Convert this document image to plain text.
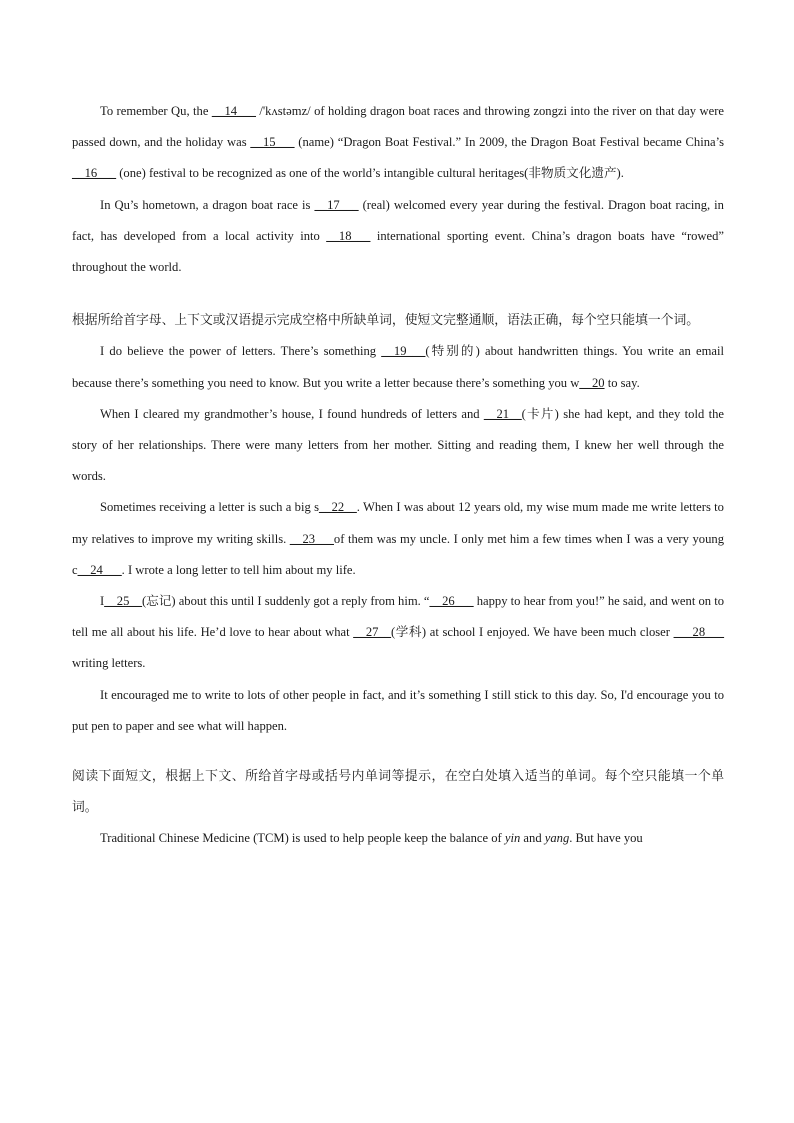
To remember Qu, the __14___ /'kʌstəmz/ of holding dragon boat races and throwing zongzi into the river on that day were passed down, and the holiday was __15___ (name) “Dragon Boat Festival.” In 2009, the Dragon Boat Festival became China’s __16___ (one) festival to be recognized as one of the world’s intangible cultural heritages(非物质文化遗产).

In Qu’s hometown, a dragon boat race is __17___ (real) welcomed every year during the festival. Dragon boat racing, in fact, has developed from a local activity into __18___ international sporting event. China’s dragon boats have “rowed” throughout the world.

根据所给首字母、上下文或汉语提示完成空格中所缺单词，使短文完整通顺，语法正确，每个空只能填一个词。

I do believe the power of letters. There’s something __19___(特别的) about handwritten things. You write an email because there’s something you need to know. But you write a letter because there’s something you w__20 to say.

When I cleared my grandmother’s house, I found hundreds of letters and __21__(卡片) she had kept, and they told the story of her relationships. There were many letters from her mother. Sitting and reading them, I knew her well through the words.

Sometimes receiving a letter is such a big s__22__. When I was about 12 years old, my wise mum made me write letters to my relatives to improve my writing skills. __23___of them was my uncle. I only met him a few times when I was a very young c__24___. I wrote a long letter to tell him about my life.

I__25__(忘记) about this until I suddenly got a reply from him. “__26___ happy to hear from you!” he said, and went on to tell me all about his life. He’d love to hear about what __27__(学科) at school I enjoyed. We have been much closer ___28___ writing letters.

It encouraged me to write to lots of other people in fact, and it’s something I still stick to this day. So, I'd encourage you to put pen to paper and see what will happen.

阅读下面短文，根据上下文、所给首字母或括号内单词等提示，在空白处填入适当的单词。每个空只能填一个单词。

Traditional Chinese Medicine (TCM) is used to help people keep the balance of yin and yang. But have you
